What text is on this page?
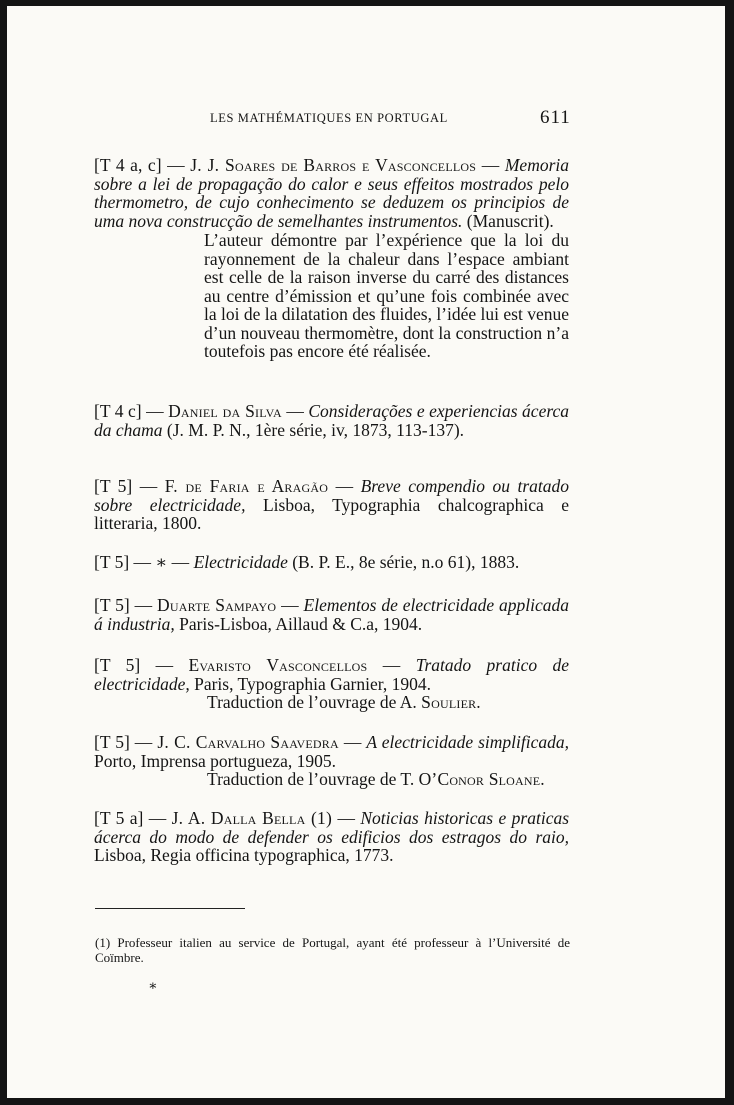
LES MATHÉMATIQUES EN PORTUGAL	611
[T 4 a, c] — J. J. Soares de Barros e Vasconcellos — Memoria sobre a lei de propagação do calor e seus effeitos mostrados pelo thermometro, de cujo conhecimento se deduzem os principios de uma nova construcção de semelhantes instrumentos. (Manuscrit).
L’auteur démontre par l’expérience que la loi du rayonnement de la chaleur dans l’espace ambiant est celle de la raison inverse du carré des distances au centre d’émission et qu’une fois combinée avec la loi de la dilatation des fluides, l’idée lui est venue d’un nouveau thermomètre, dont la construction n’a toutefois pas encore été réalisée.
[T 4 c] — Daniel da Silva — Considerações e experiencias ácerca da chama (J. M. P. N., 1ère série, iv, 1873, 113-137).
[T 5] — F. de Faria e Aragão — Breve compendio ou tratado sobre electricidade, Lisboa, Typographia chalcographica e litteraria, 1800.
[T 5] — ∗ — Electricidade (B. P. E., 8e série, n.o 61), 1883.
[T 5] — Duarte Sampayo — Elementos de electricidade applicada á industria, Paris-Lisboa, Aillaud & C.a, 1904.
[T 5] — Evaristo Vasconcellos — Tratado pratico de electricidade, Paris, Typographia Garnier, 1904.
Traduction de l’ouvrage de A. Soulier.
[T 5] — J. C. Carvalho Saavedra — A electricidade simplificada, Porto, Imprensa portugueza, 1905.
Traduction de l’ouvrage de T. O’Conor Sloane.
[T 5 a] — J. A. Dalla Bella (1) — Noticias historicas e praticas ácerca do modo de defender os edificios dos estragos do raio, Lisboa, Regia officina typographica, 1773.
(1) Professeur italien au service de Portugal, ayant été professeur à l’Université de Coïmbre.
∗
